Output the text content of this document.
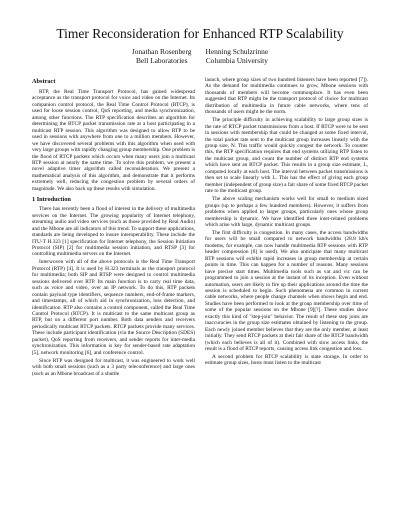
Timer Reconsideration for Enhanced RTP Scalability
Jonathan Rosenberg
Bell Laboratories
Henning Schulzrinne
Columbia University
Abstract

RTP, the Real Time Transport Protocol, has gained widespread acceptance as the transport protocol for voice and video on the Internet. Its companion control protocol, the Real Time Control Protocol (RTCP), is used for loose session control, QoS reporting, and media synchronization, among other functions. The RTP specification describes an algorithm for determining the RTCP packet transmission rate at a host participating in a multicast RTP session. This algorithm was designed to allow RTP to be used in sessions with anywhere from one to a million members. However, we have discovered several problems with this algorithm when used with very large groups with rapidly changing group membership. One problem is the flood of RTCP packets which occurs when many users join a multicast RTP session at nearly the same time. To solve this problem, we present a novel adaptive timer algorithm called reconsideration. We present a mathematical analysis of this algorithm, and demonstrate that it performs extremely well, reducing the congestion problem by several orders of magnitude. We also back up these results with simulation.

1 Introduction

There has recently been a flood of interest in the delivery of multimedia services on the Internet. The growing popularity of Internet telephony, streaming audio and video services (such as those provided by Real Audio) and the Mbone are all indicators of this trend. To support these applications, standards are being developed to insure interoperability. These include the ITU-T H.323 [1] specification for Internet telephony, the Session Initiation Protocol (SIP) [2] for multimedia session initiation, and RTSP [3] for controlling multimedia servers on the Internet.

Interwoven with all of the above protocols is the Real Time Transport Protocol (RTP) [4]. It is used by H.323 terminals as the transport protocol for multimedia; both SIP and RTSP were designed to control multimedia sessions delivered over RTP. Its main function is to carry real time data, such as voice and video, over an IP network. To do this, RTP packets contain payload type identifiers, sequence numbers, end-of-frame markers, and timestamps, all of which aid in synchronization, loss detection, and identification. RTP also contains a control component, called the Real Time Control Protocol (RTCP). It is multicast to the same multicast group as RTP, but on a different port number. Both data senders and receivers periodically multicast RTCP packets. RTCP packets provide many services. These include participant identification (via the Source Description (SDES) packet), QoS reporting from receivers, and sender reports for inter-media synchronization. This information is key for sender-based rate adaptation [5], network monitoring [6], and conference control.

Since RTP was designed for multicast, it was engineered to work well with both small sessions (such as a 3 party teleconference) and large ones (such as an Mbone broadcast of a shuttle

launch, where group sizes of two hundred listeners have been reported [7]). As the demand for multimedia continues to grow, Mbone sessions with thousands of members will become commonplace. It has even been suggested that RTP might be the transport protocol of choice for multicast distribution of multimedia in future cable networks, where tens of thousands of users might be the norm.

The principle difficulty in achieving scalability to large group sizes is the rate of RTCP packet transmissions from a host. If RTCP were to be sent in sessions with membership that could be changed at some fixed interval, the total packet rate sent to the multicast group increases linearly with the group size, N. This traffic would quickly congest the network. To counter this, the RTP specification requires that end systems utilizing RTP listen to the multicast group, and count the number of distinct RTP end systems which have sent an RTCP packet. This results in a group size estimate, L, computed locally at each host. The interval between packet transmissions is then set to scale linearly with L. This has the effect of giving each group member (independent of group size) a fair share of some fixed RTCP packet rate to the multicast group.

The above scaling mechanism works well for small to medium sized groups (up to perhaps a few hundred members). However, it suffers from problems when applied to larger groups, particularly ones whose group membership is dynamic. We have identified three inter-related problems which arise with large, dynamic multicast groups.

The first difficulty is congestion. In many cases, the access bandwidths for users will be small compared to network bandwidths (28.8 kb/s modems, for example, can now handle multimedia RTP sessions with RTP header compression [8] is used). We also anticipate that many multicast RTP sessions will exhibit rapid increases in group membership at certain points in time. This can happen for a number of reasons. Many sessions have precise start times. Multimedia tools such as vat and vic can be programmed to join a session at the instant of its inception. Even without automation, users are likely to fire up their applications around the time the session is scheduled to begin. Such phenomena are common in current cable networks, where people change channels when shows begin and end. Studies have been performed to look at the group membership over time of some of the popular sessions on the Mbone [9][?]. These studies show exactly this kind of "step-join" behavior. The result of these step joins are inaccuracies in the group size estimates obtained by listening to the group. Each newly joined member believes that they are the only member, at least initially. They send RTCP packets at their fair share of the RTCP bandwidth (which each believes is all of it). Combined with slow access links, the result is a flood of RTCP reports, causing access link congestion and loss.

A second problem for RTCP scalability is state storage. In order to estimate group sizes, hosts must listen to the multicast
